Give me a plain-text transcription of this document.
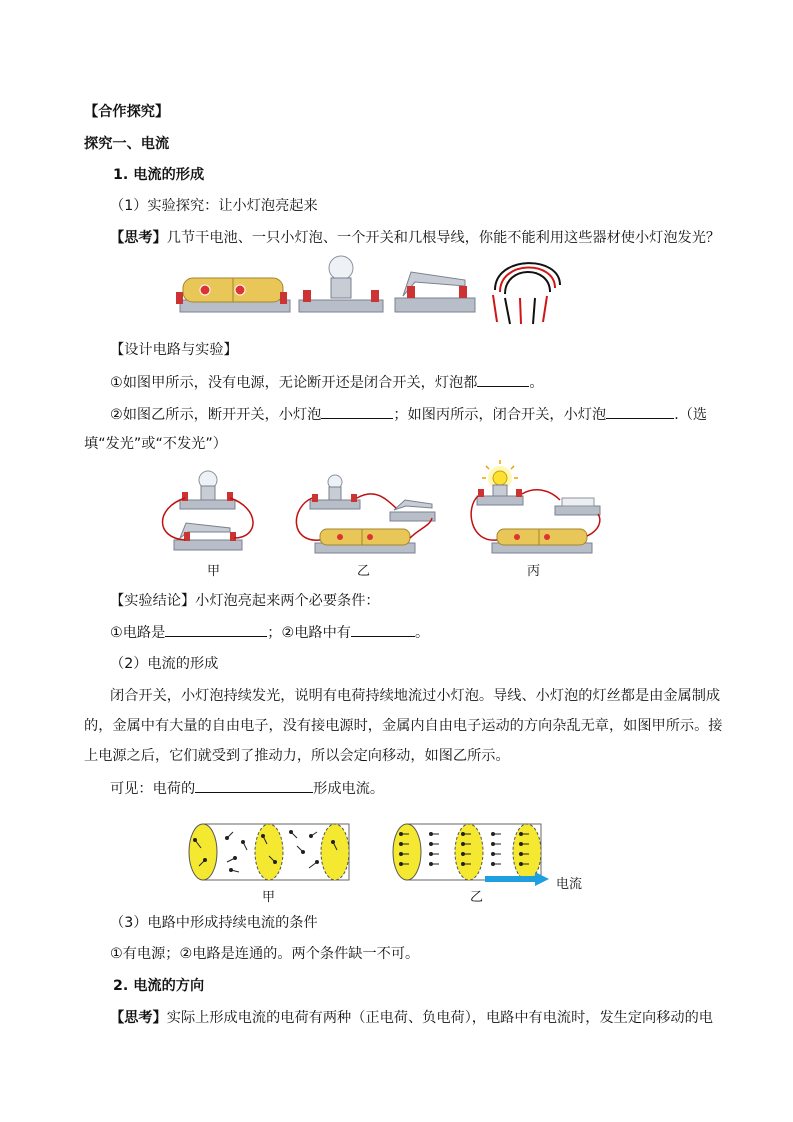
【合作探究】
探究一、电流
1. 电流的形成
（1）实验探究：让小灯泡亮起来
【思考】几节干电池、一只小灯泡、一个开关和几根导线，你能不能利用这些器材使小灯泡发光？
【设计电路与实验】
①如图甲所示，没有电源，无论断开还是闭合开关，灯泡都	。
②如图乙所示，断开开关，小灯泡	；如图丙所示，闭合开关，小灯泡	.（选
填“发光”或“不发光”）
甲	乙	丙
【实验结论】小灯泡亮起来两个必要条件：
①电路是	；②电路中有	。
（2）电流的形成
闭合开关，小灯泡持续发光，说明有电荷持续地流过小灯泡。导线、小灯泡的灯丝都是由金属制成
的，金属中有大量的自由电子，没有接电源时，金属内自由电子运动的方向杂乱无章，如图甲所示。接
上电源之后，它们就受到了推动力，所以会定向移动，如图乙所示。
可见：电荷的	形成电流。
电流
甲	乙
（3）电路中形成持续电流的条件
①有电源；②电路是连通的。两个条件缺一不可。
2. 电流的方向
【思考】实际上形成电流的电荷有两种（正电荷、负电荷），电路中有电流时，发生定向移动的电
